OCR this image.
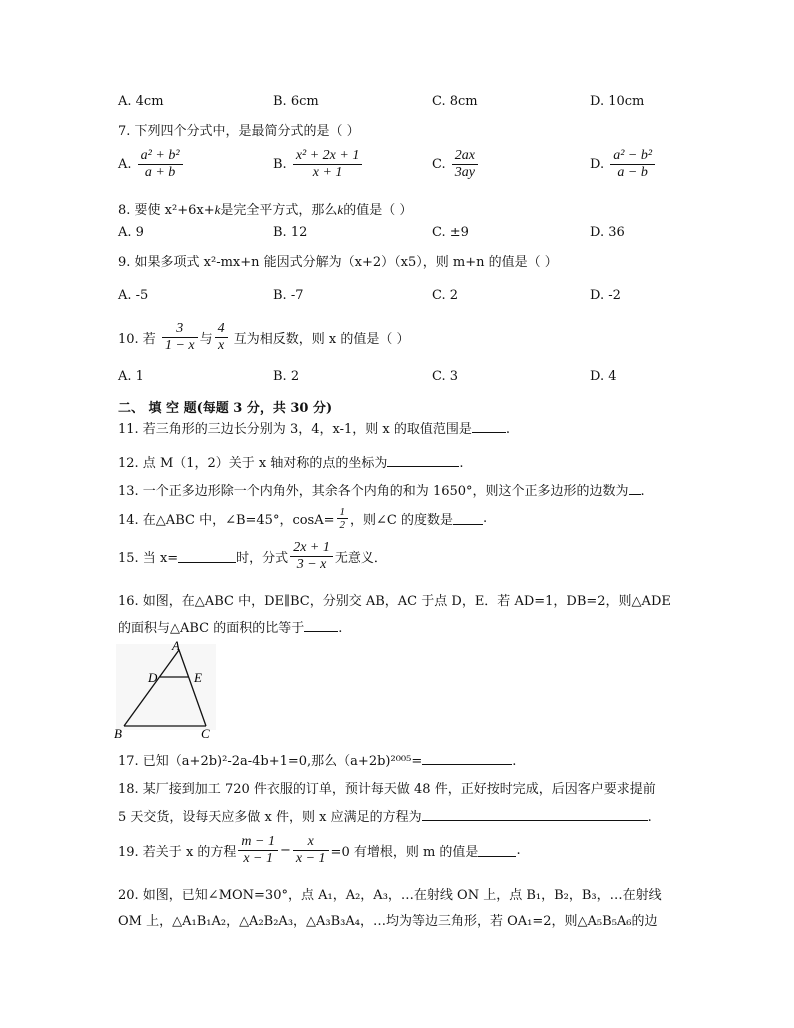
A. 4cm	B. 6cm	C. 8cm	D. 10cm
7. 下列四个分式中，是最简分式的是（ ）
A. $\frac{\text{a² + b²}}{a + b}$	B. $\frac{\text{x² + 2x + 1}}{x + 1}$	C. $\frac{2ax}{3ay}$	D. $\frac{\text{a² − b²}}{a - b}$
8. 要使 x²+6x+k是完全平方式，那么k的值是（ ）
A. 9	B. 12	C. ±9	D. 36
9. 如果多项式 x²-mx+n 能因式分解为（x+2）（x5），则 m+n 的值是（ ）
A. -5	B. -7	C. 2	D. -2
10. 若 $\frac{3}{1 - x}$ 与 $\frac{4}{x}$ 互为相反数，则 x 的值是（ ）
A. 1	B. 2	C. 3	D. 4
二、 填 空 题(每题 3 分，共 30 分)
11. 若三角形的三边长分别为 3，4，x-1，则 x 的取值范围是	.
12. 点 M（1，2）关于 x 轴对称的点的坐标为	.
13. 一个正多边形除一个内角外，其余各个内角的和为 1650°，则这个正多边形的边数为 .
14. 在△ABC 中，∠B=45°，$\cos A= \frac{1}{2}$ ，则∠C 的度数是 .
15. 当 x=	时，分式 $\frac{2x + 1}{3 - x}$ 无意义．
16. 如图，在△ABC 中，DE∥BC，分别交 AB，AC 于点 D，E．若 AD=1，DB=2，则△ADE
的面积与△ABC 的面积的比等于	.
A
D	E
B	C
17. 已知（a+2b)²-2a-4b+1=0,那么（a+2b)²⁰⁰⁵=	.
18. 某厂接到加工 720 件衣服的订单，预计每天做 48 件，正好按时完成，后因客户要求提前
5 天交货，设每天应多做 x 件，则 x 应满足的方程为	.
19. 若关于 x 的方程 $\frac{m - 1}{x - 1} - \frac{x}{x - 1} =0$ 有增根，则 m 的值是	.
20. 如图，已知∠MON=30°，点 A₁，A₂，A₃，…在射线 ON 上，点 B₁，B₂，B₃，…在射线
OM 上，△A₁B₁A₂，△A₂B₂A₃，△A₃B₃A₄，…均为等边三角形，若 OA₁=2，则△A₅B₅A₆的边
